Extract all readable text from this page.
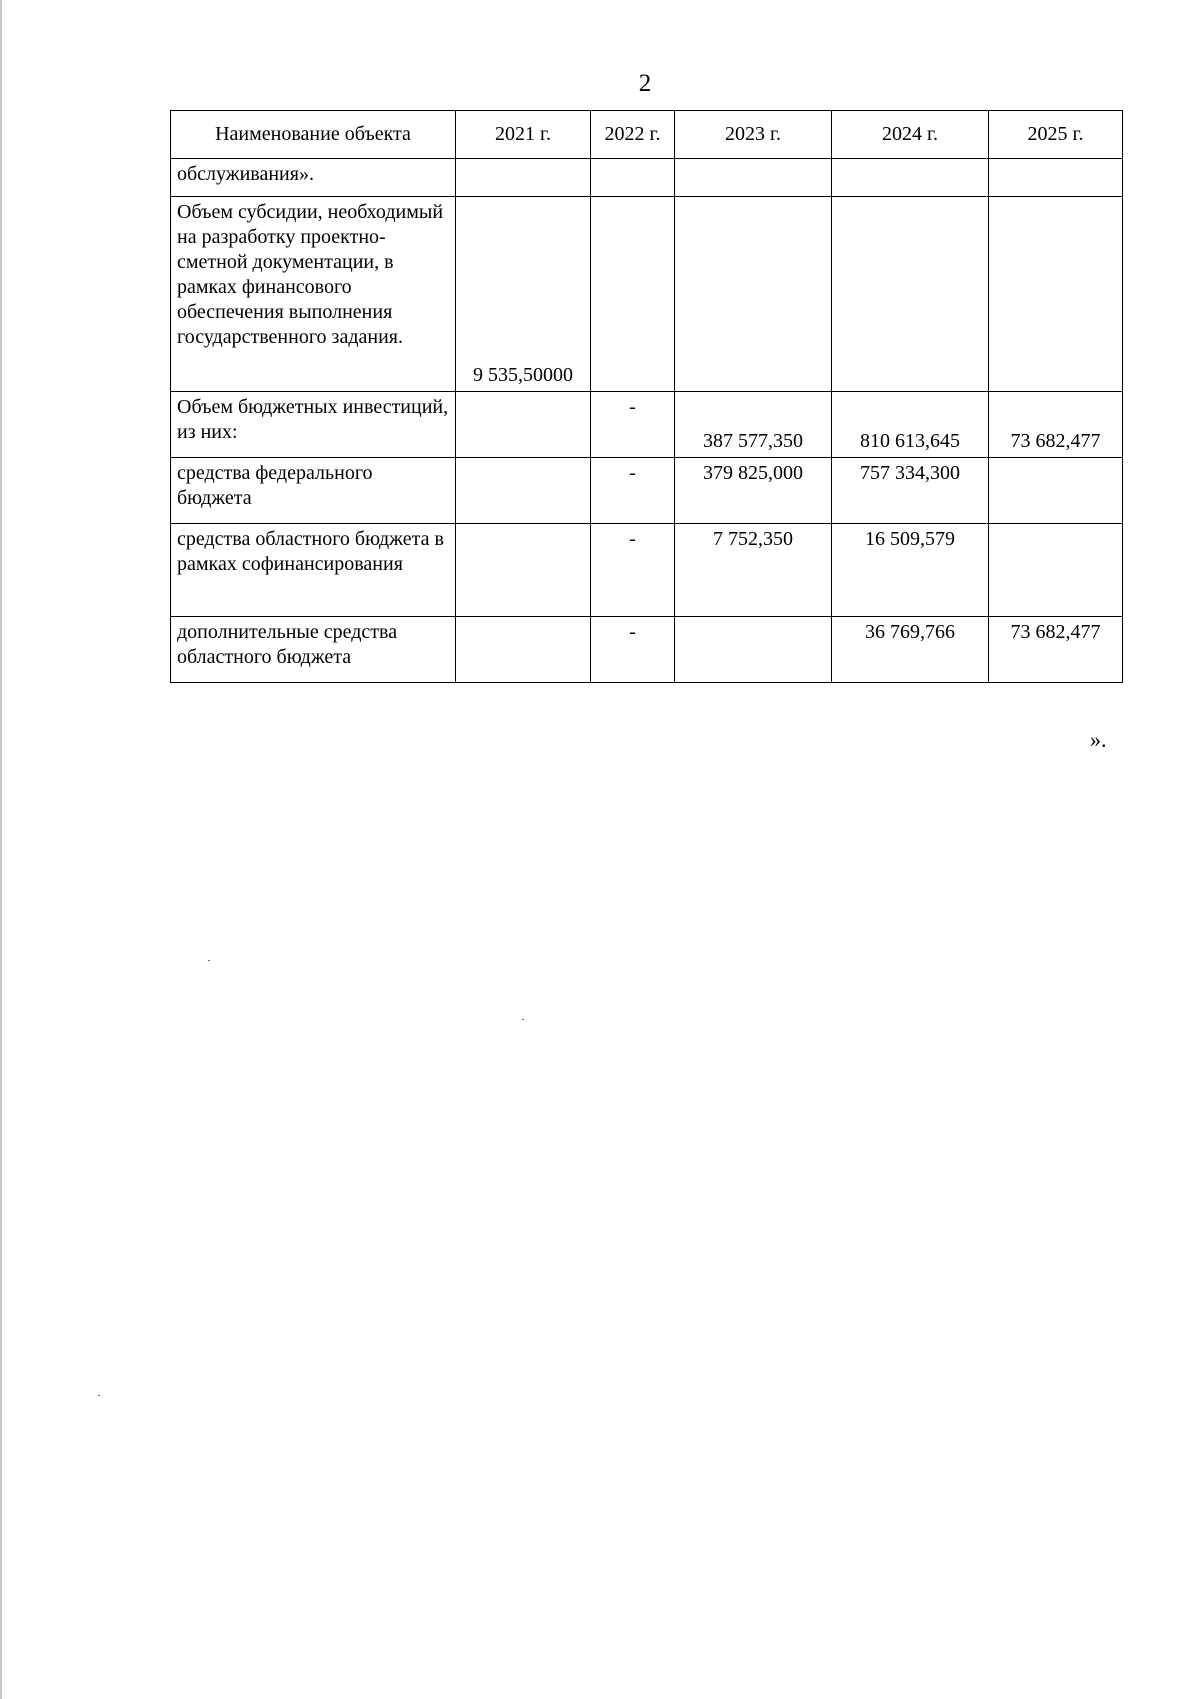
2
Наименование объекта	2021 г.	2022 г.	2023 г.	2024 г.	2025 г.
обслуживания».					
Объем субсидии, необходимый на разработку проектно-сметной документации, в рамках финансового обеспечения выполнения государственного задания.	9 535,50000				
Объем бюджетных инвестиций, из них:		-	387 577,350	810 613,645	73 682,477
средства федерального бюджета		-	379 825,000	757 334,300	
средства областного бюджета в рамках софинансирования		-	7 752,350	16 509,579	
дополнительные средства областного бюджета		-		36 769,766	73 682,477
».
